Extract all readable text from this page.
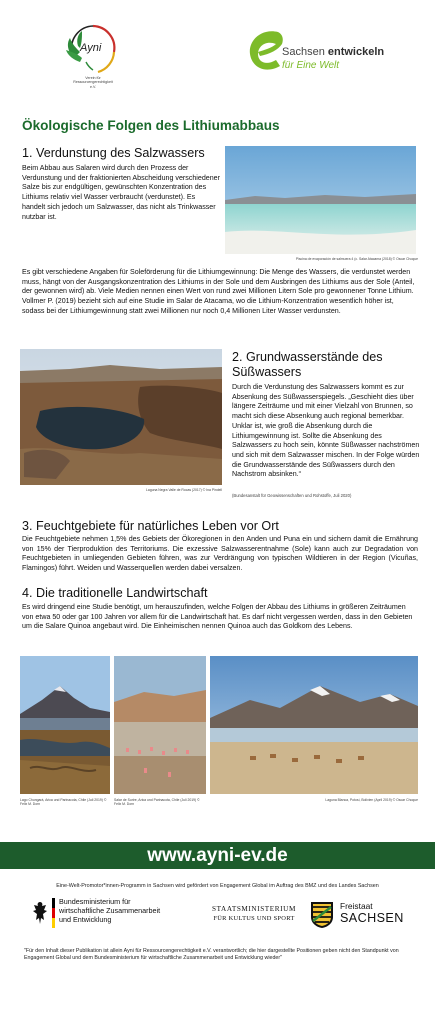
Ayni
Verein für Ressourcengerechtigkeit e.V.
Sachsen entwickeln
für Eine Welt
Ökologische Folgen des Lithiumabbaus
1. Verdunstung des Salzwassers
Beim Abbau aus Salaren wird durch den Prozess der Verdunstung und der fraktionierten Abscheidung verschiedener Salze bis zur endgültigen, gewünschten Konzentration des Lithiums relativ viel Wasser verbraucht (verdunstet). Es handelt sich jedoch um Salzwasser, das nicht als Trinkwasser nutzbar ist.
Piscina de evaporación de salmuera 4 (c. Salar Atacama (2018) © Oscar Choque
Es gibt verschiedene Angaben für Soleförderung für die Lithiumgewinnung: Die Menge des Wassers, die verdunstet werden muss, hängt von der Ausgangskonzentration des Lithiums in der Sole und dem Ausbringen des Lithiums aus der Sole (Anteil, der gewonnen wird) ab. Viele Medien nennen einen Wert von rund zwei Millionen Litern Sole pro gewonnener Tonne Lithium. Vollmer P. (2019) bezieht sich auf eine Studie im Salar de Atacama, wo die Lithium-Konzentration wesentlich höher ist, sodass bei der Lithiumgewinnung statt zwei Millionen nur noch 0,4 Millionen Liter Wasser verdunsten.
Laguna Negra Valle de Rocas (2017) © Ina Pindell
2. Grundwasserstände des Süßwassers
Durch die Verdunstung des Salzwassers kommt es zur Absenkung des Süßwasserspiegels. „Geschieht dies über längere Zeiträume und mit einer Vielzahl von Brunnen, so macht sich diese Absenkung auch regional bemerkbar. Unklar ist, wie groß die Absenkung durch die Lithiumgewinnung ist. Sollte die Absenkung des Salzwassers zu hoch sein, könnte Süßwasser nachströmen und sich mit dem Salzwasser mischen. In der Folge würden die Grundwasserstände des Süßwassers durch den Nachstrom absinken.“
(Bundesanstalt für Geowissenschaften und Rohstoffe, Juli 2020)
3. Feuchtgebiete für natürliches Leben vor Ort
Die Feuchtgebiete nehmen 1,5% des Gebiets der Ökoregionen in den Anden und Puna ein und sichern damit die Ernährung von 15% der Tierproduktion des Territoriums. Die exzessive Salzwasserentnahme (Sole) kann auch zur Degradation von Feuchtgebieten in umliegenden Gebieten führen, was zur Verdrängung von typischen Wildtieren in der Region (Vicuñas, Flamingos) führt. Weiden und Wasserquellen werden dabei versalzen.
4. Die traditionelle Landwirtschaft
Es wird dringend eine Studie benötigt, um herauszufinden, welche Folgen der Abbau des Lithiums in größeren Zeiträumen von etwa 50 oder gar 100 Jahren vor allem für die Landwirtschaft hat. Es darf nicht vergessen werden, dass in den Gebieten um die Salare Quinoa angebaut wird. Die Einheimischen nennen Quinoa auch das Goldkorn des Lebens.
Lago Chungará, Arica und Parinacota, Chile (Juli 2019) © Felix M. Dorn
Salar de Surire, Arica und Parinacota, Chile (Juli 2019) © Felix M. Dorn
Laguna Blanca, Potosí, Bolivien (April 2019) © Oscar Choque
www.ayni-ev.de
Eine-Welt-Promotor*innen-Programm in Sachsen wird gefördert von Engagement Global im Auftrag des BMZ und des Landes Sachsen
Bundesministerium für
wirtschaftliche Zusammenarbeit
und Entwicklung
STAATSMINISTERIUM
FÜR KULTUS UND SPORT
Freistaat
SACHSEN
"Für den Inhalt dieser Publikation ist allein Ayni für Ressourcengerechtigkeit e.V. verantwortlich; die hier dargestellte Positionen geben nicht den Standpunkt von Engagement Global und dem Bundesministerium für wirtschaftliche Zusammenarbeit und Entwicklung wieder"
